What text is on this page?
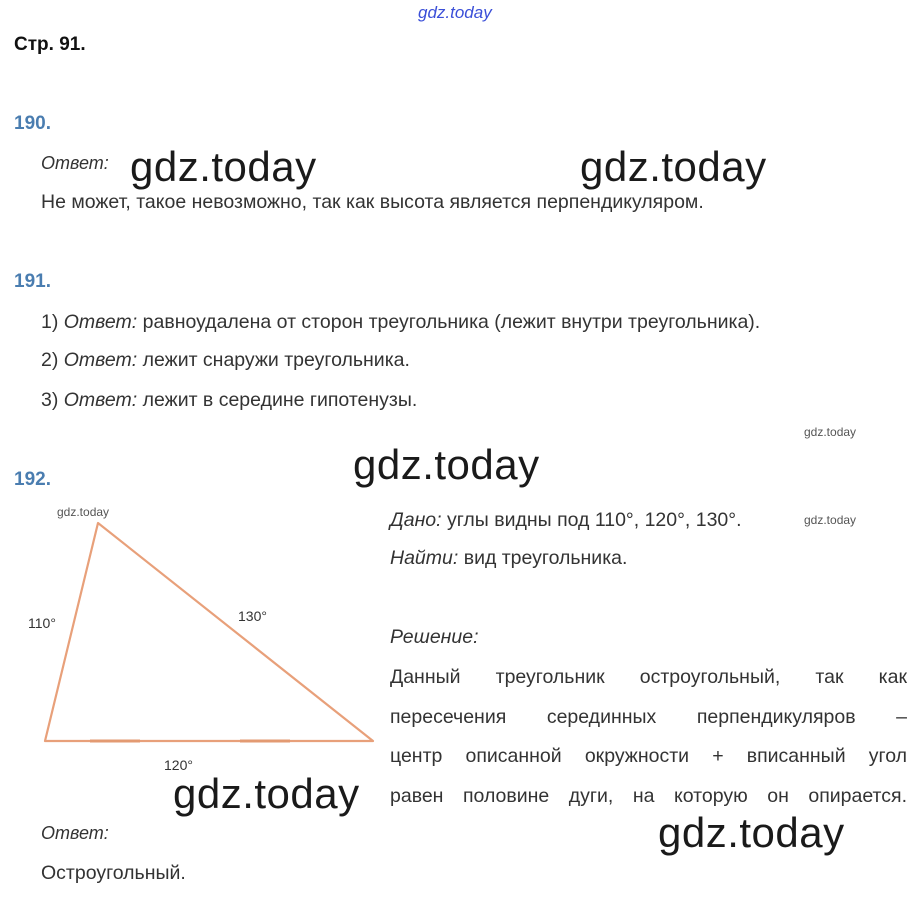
gdz.today
Стр. 91.
190.
Ответ: gdz.today	gdz.today
Не может, такое невозможно, так как высота является перпендикуляром.
191.
1) Ответ: равноудалена от сторон треугольника (лежит внутри треугольника).
2) Ответ: лежит снаружи треугольника.
3) Ответ: лежит в середине гипотенузы.
gdz.today
192.	gdz.today
gdz.today
110°	130°
120°
Дано: углы видны под 110°, 120°, 130°.	gdz.today
Найти: вид треугольника.
Решение:
Данный треугольник остроугольный, так как
пересечения серединных перпендикуляров –
центр описанной окружности + вписанный угол
равен половине дуги, на которую он опирается.
gdz.today
gdz.today
Ответ:
Остроугольный.
